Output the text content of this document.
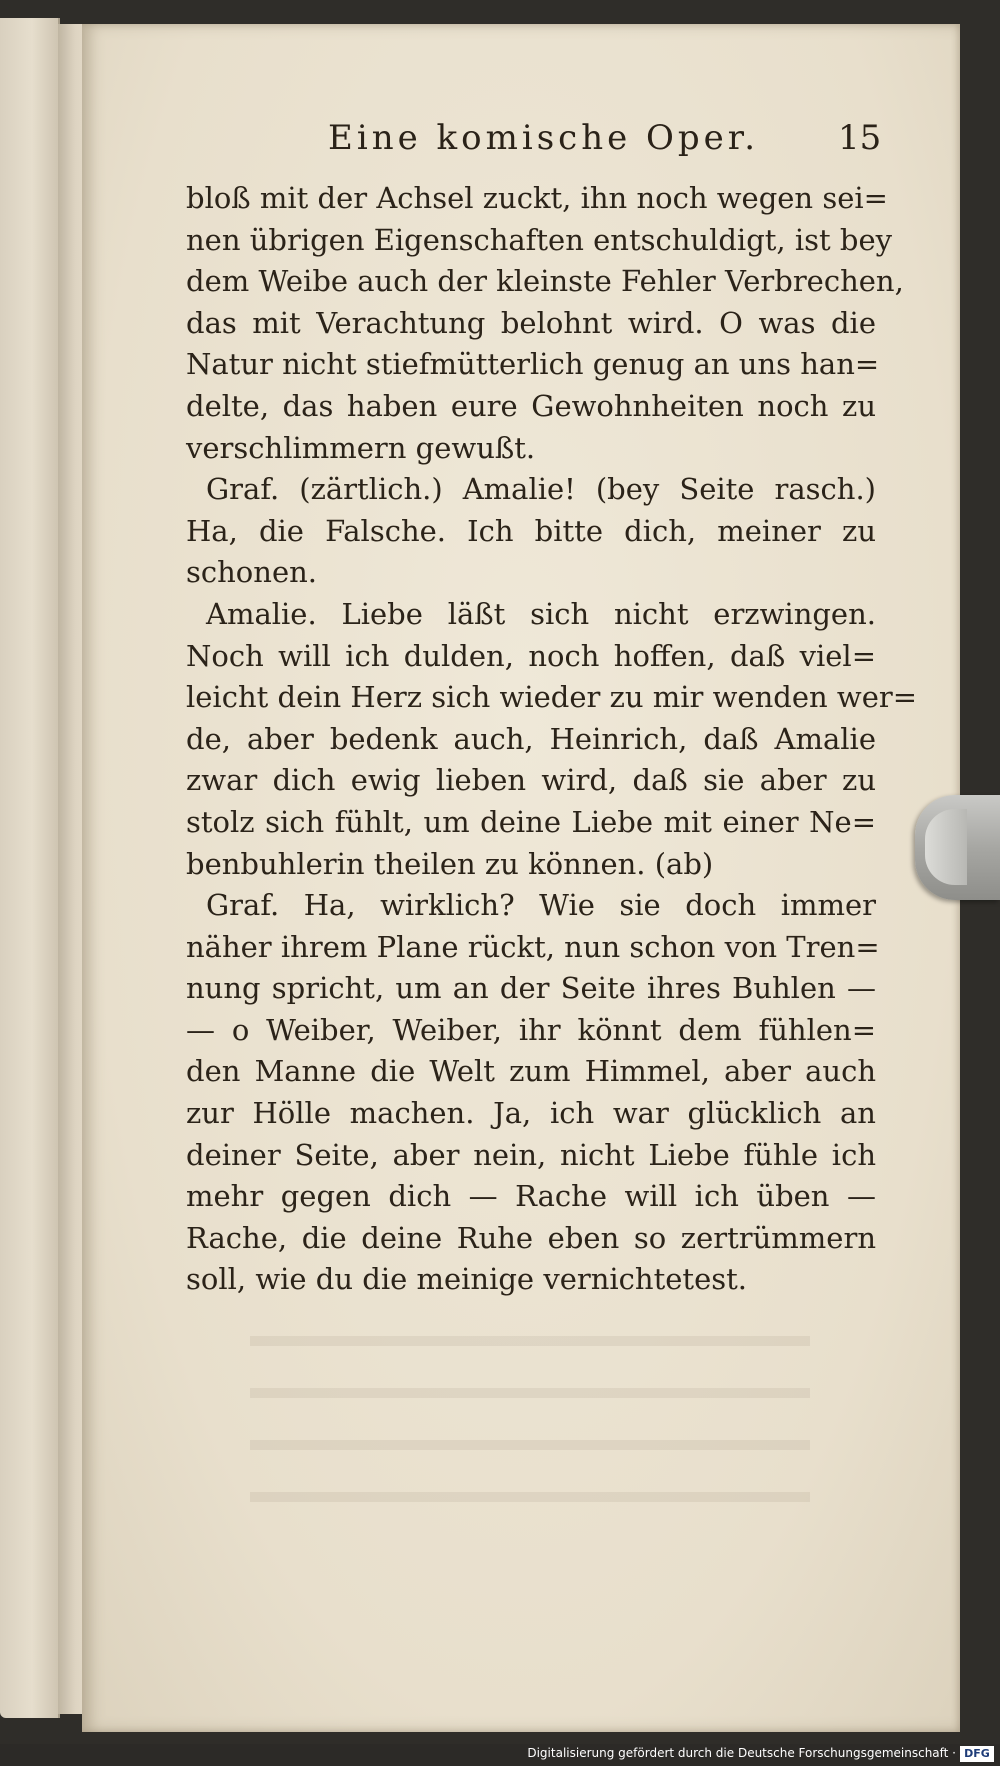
Eine komische Oper. 15
bloß mit der Achsel zuckt, ihn noch wegen sei=
nen übrigen Eigenschaften entschuldigt, ist bey
dem Weibe auch der kleinste Fehler Verbrechen,
das mit Verachtung belohnt wird. O was die
Natur nicht stiefmütterlich genug an uns han=
delte, das haben eure Gewohnheiten noch zu
verschlimmern gewußt.
Graf. (zärtlich.) Amalie! (bey Seite rasch.)
Ha, die Falsche. Ich bitte dich, meiner zu
schonen.
Amalie. Liebe läßt sich nicht erzwingen.
Noch will ich dulden, noch hoffen, daß viel=
leicht dein Herz sich wieder zu mir wenden wer=
de, aber bedenk auch, Heinrich, daß Amalie
zwar dich ewig lieben wird, daß sie aber zu
stolz sich fühlt, um deine Liebe mit einer Ne=
benbuhlerin theilen zu können. (ab)
Graf. Ha, wirklich? Wie sie doch immer
näher ihrem Plane rückt, nun schon von Tren=
nung spricht, um an der Seite ihres Buhlen —
— o Weiber, Weiber, ihr könnt dem fühlen=
den Manne die Welt zum Himmel, aber auch
zur Hölle machen. Ja, ich war glücklich an
deiner Seite, aber nein, nicht Liebe fühle ich
mehr gegen dich — Rache will ich üben —
Rache, die deine Ruhe eben so zertrümmern
soll, wie du die meinige vernichtetest.
Digitalisierung gefördert durch die Deutsche Forschungsgemeinschaft · DFG
